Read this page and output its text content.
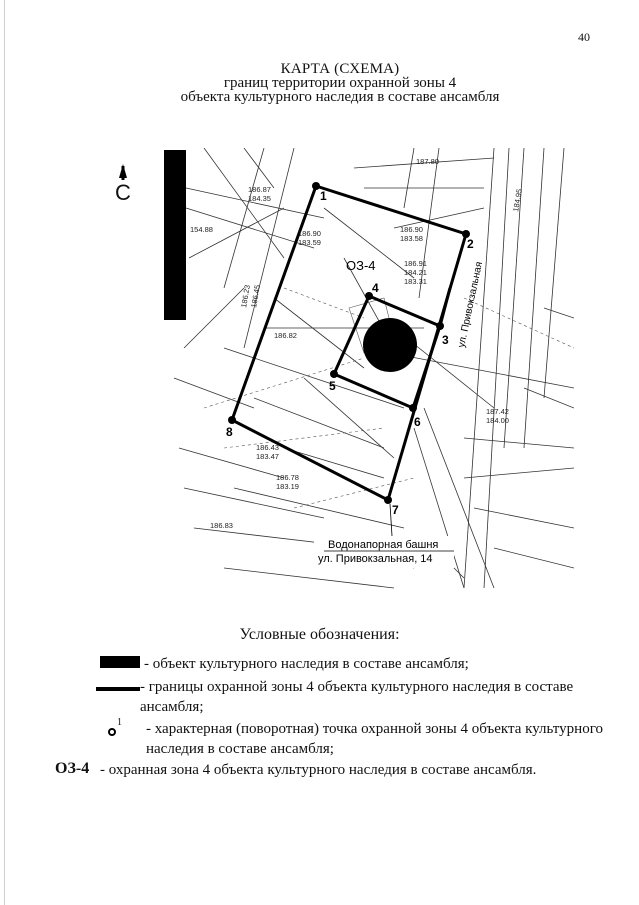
40
КАРТА (СХЕМА)
границ территории охранной зоны 4
объекта культурного наследия в составе ансамбля
С	1
2
3
4
5
6
7
8
ОЗ-4	ул. Привокзальная
187.80
186.90
183.58
186.91
184.21
183.31
186.87
184.35
186.90
183.59
154.88
184.95
187.42
184.00
186.82
186.43
183.47
186.78
183.19
186.83
186.23
186.45
Водонапорная башня
ул. Привокзальная, 14
Условные обозначения:
- объект культурного наследия в составе ансамбля;
- границы охранной зоны 4 объекта культурного наследия в составе
ансамбля;
1 - характерная (поворотная) точка охранной зоны 4 объекта культурного
наследия в составе ансамбля;
ОЗ-4 - охранная зона 4 объекта культурного наследия в составе ансамбля.
